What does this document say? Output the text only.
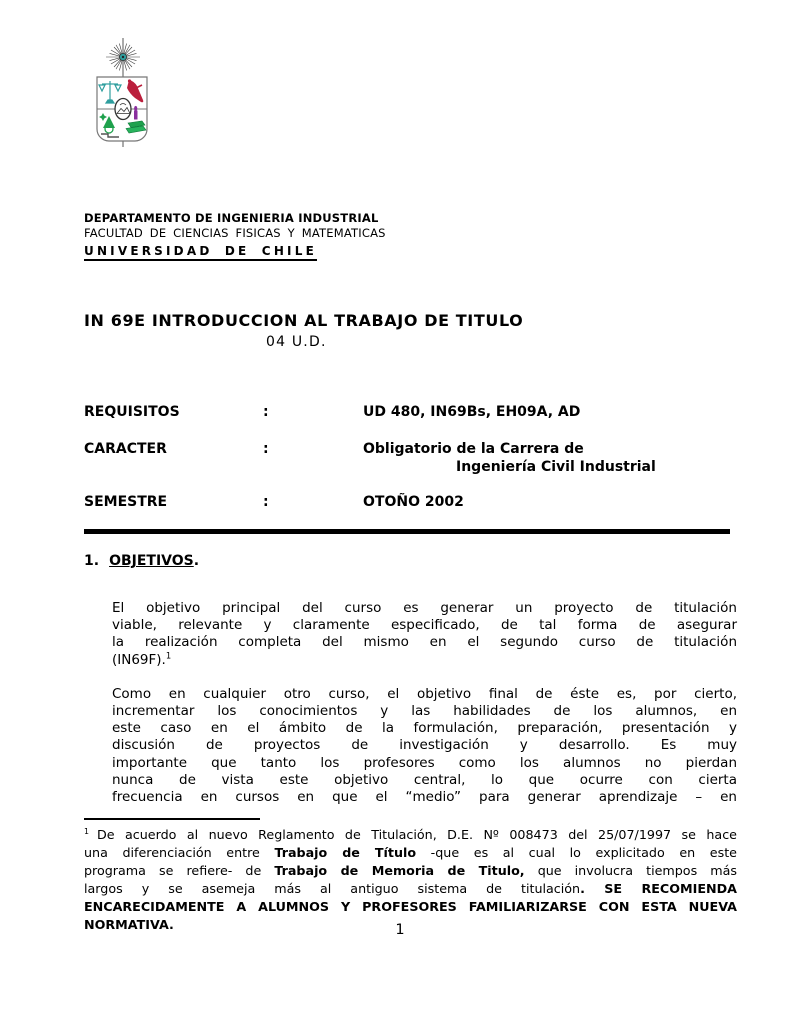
DEPARTAMENTO DE INGENIERIA INDUSTRIAL
FACULTAD DE CIENCIAS FISICAS Y MATEMATICAS
UNIVERSIDAD DE CHILE
IN 69E INTRODUCCION AL TRABAJO DE TITULO
04 U.D.
REQUISITOS	:	UD 480, IN69Bs, EH09A, AD
CARACTER	:	Obligatorio de la Carrera de
Ingeniería Civil Industrial
SEMESTRE	:	OTOÑO 2002
1. OBJETIVOS.
El objetivo principal del curso es generar un proyecto de titulación
viable, relevante y claramente especificado, de tal forma de asegurar
la realización completa del mismo en el segundo curso de titulación
(IN69F).$^1$
Como en cualquier otro curso, el objetivo final de éste es, por cierto,
incrementar los conocimientos y las habilidades de los alumnos, en
este caso en el ámbito de la formulación, preparación, presentación y
discusión de proyectos de investigación y desarrollo. Es muy
importante que tanto los profesores como los alumnos no pierdan
nunca de vista este objetivo central, lo que ocurre con cierta
frecuencia en cursos en que el “medio” para generar aprendizaje – en
$^1$ De acuerdo al nuevo Reglamento de Titulación, D.E. Nº 008473 del 25/07/1997 se hace
una diferenciación entre Trabajo de Título -que es al cual lo explicitado en este
programa se refiere- de Trabajo de Memoria de Titulo, que involucra tiempos más
largos y se asemeja más al antiguo sistema de titulación. SE RECOMIENDA
ENCARECIDAMENTE A ALUMNOS Y PROFESORES FAMILIARIZARSE CON ESTA NUEVA
NORMATIVA.	1
